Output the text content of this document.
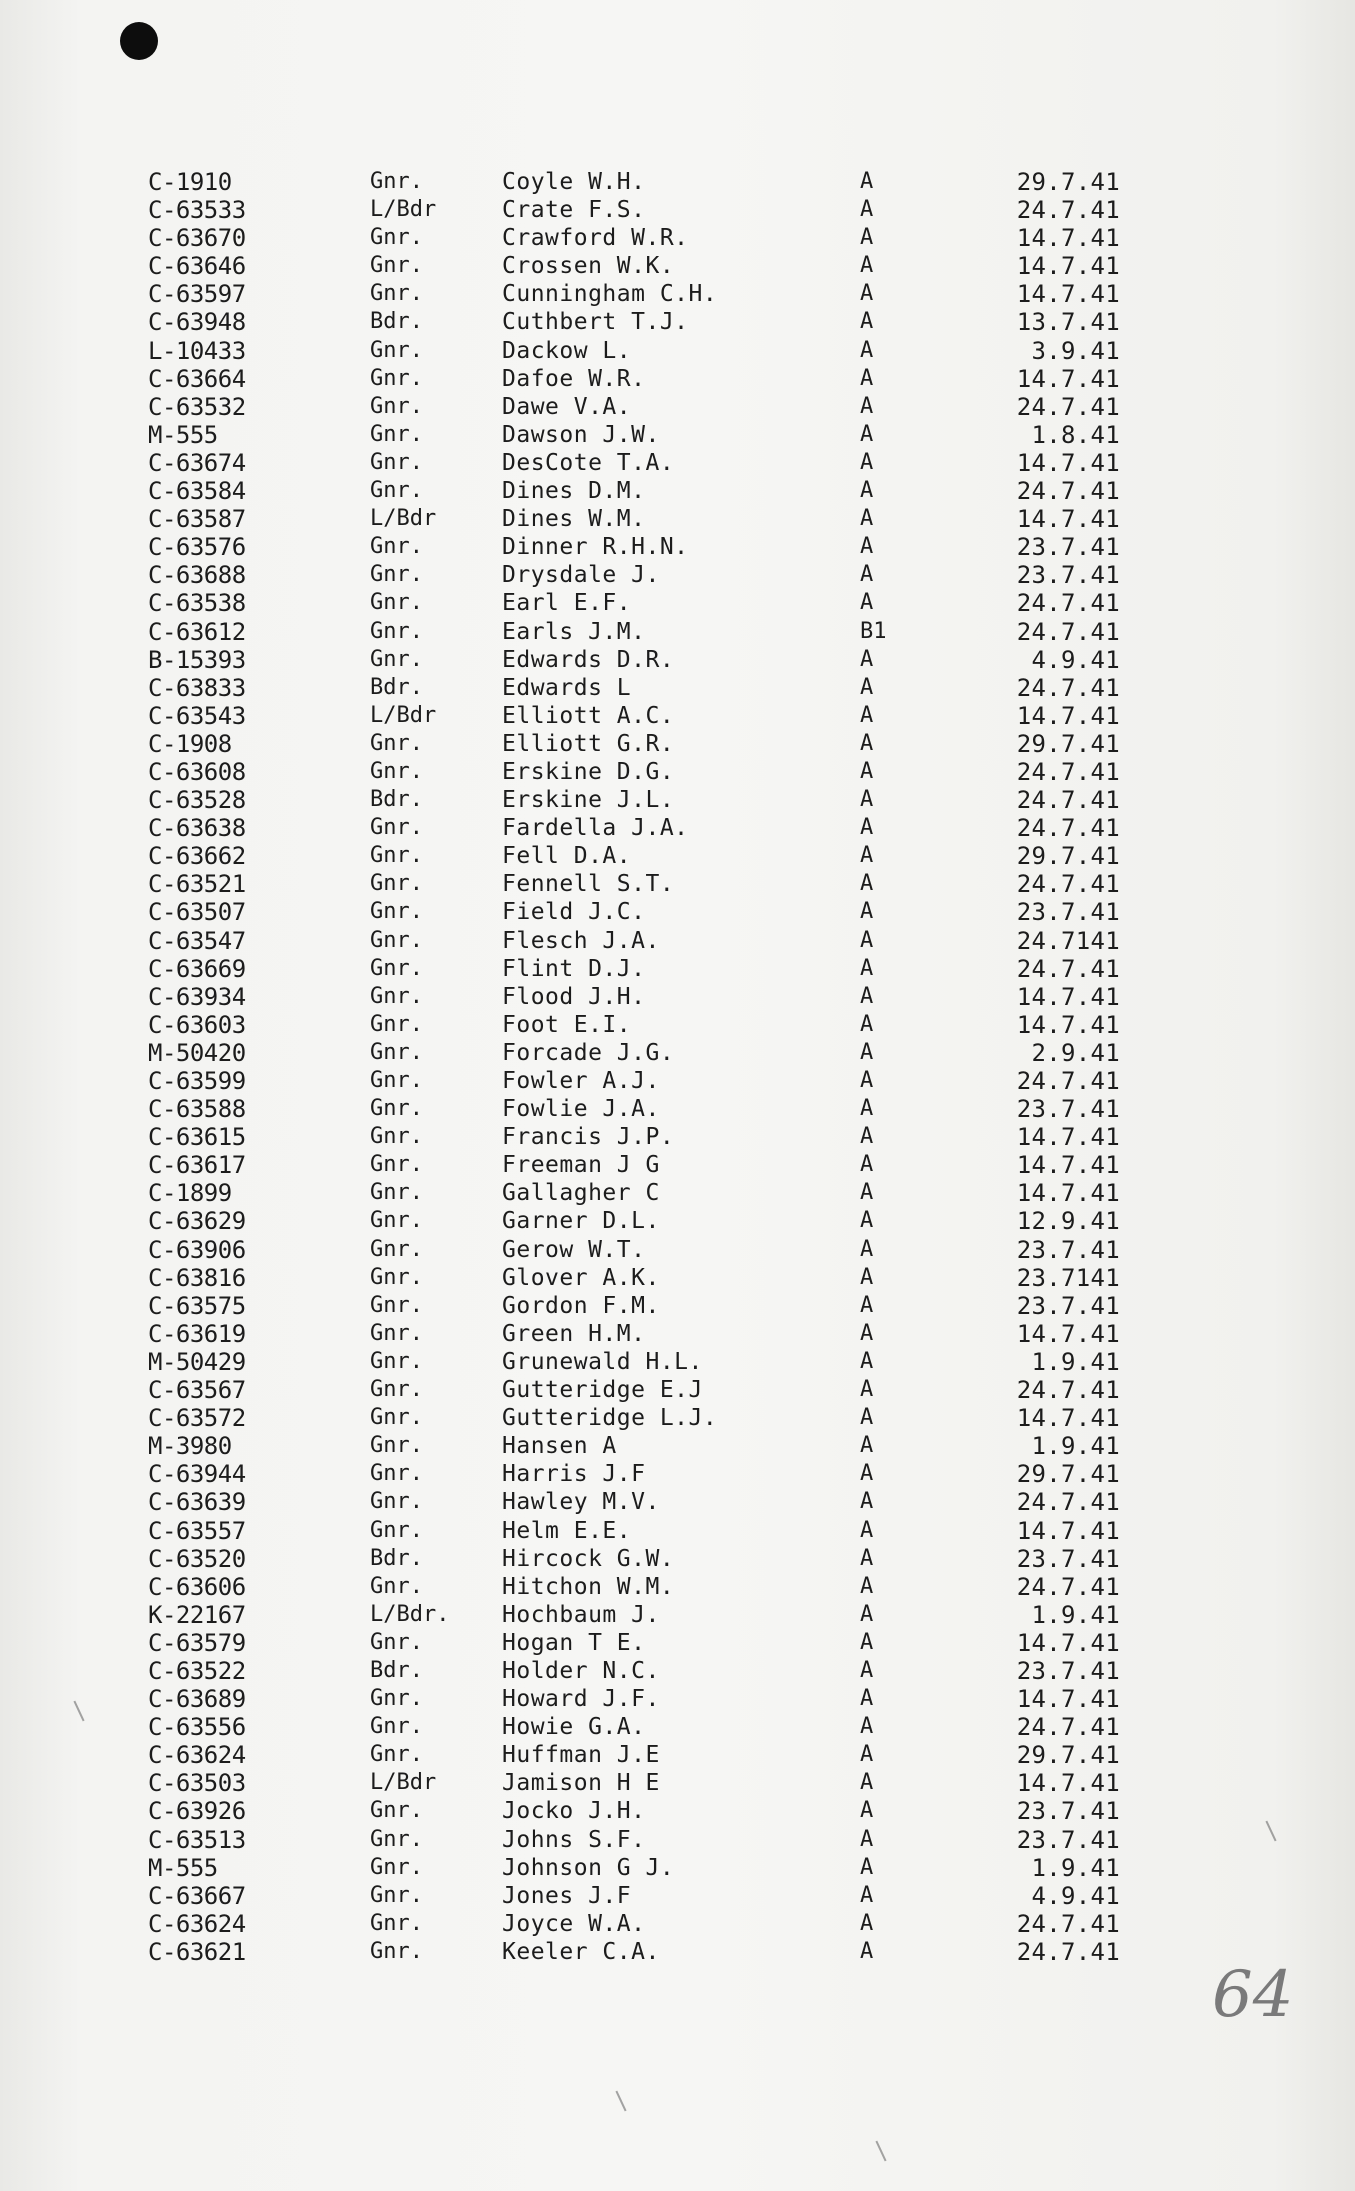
C-1910	Gnr.	Coyle W.H.	A	29.7.41
C-63533	L/Bdr	Crate F.S.	A	24.7.41
C-63670	Gnr.	Crawford W.R.	A	14.7.41
C-63646	Gnr.	Crossen W.K.	A	14.7.41
C-63597	Gnr.	Cunningham C.H.	A	14.7.41
C-63948	Bdr.	Cuthbert T.J.	A	13.7.41
L-10433	Gnr.	Dackow L.	A	3.9.41
C-63664	Gnr.	Dafoe W.R.	A	14.7.41
C-63532	Gnr.	Dawe V.A.	A	24.7.41
M-555	Gnr.	Dawson J.W.	A	1.8.41
C-63674	Gnr.	DesCote T.A.	A	14.7.41
C-63584	Gnr.	Dines D.M.	A	24.7.41
C-63587	L/Bdr	Dines W.M.	A	14.7.41
C-63576	Gnr.	Dinner R.H.N.	A	23.7.41
C-63688	Gnr.	Drysdale J.	A	23.7.41
C-63538	Gnr.	Earl E.F.	A	24.7.41
C-63612	Gnr.	Earls J.M.	B1	24.7.41
B-15393	Gnr.	Edwards D.R.	A	4.9.41
C-63833	Bdr.	Edwards L	A	24.7.41
C-63543	L/Bdr	Elliott A.C.	A	14.7.41
C-1908	Gnr.	Elliott G.R.	A	29.7.41
C-63608	Gnr.	Erskine D.G.	A	24.7.41
C-63528	Bdr.	Erskine J.L.	A	24.7.41
C-63638	Gnr.	Fardella J.A.	A	24.7.41
C-63662	Gnr.	Fell D.A.	A	29.7.41
C-63521	Gnr.	Fennell S.T.	A	24.7.41
C-63507	Gnr.	Field J.C.	A	23.7.41
C-63547	Gnr.	Flesch J.A.	A	24.7141
C-63669	Gnr.	Flint D.J.	A	24.7.41
C-63934	Gnr.	Flood J.H.	A	14.7.41
C-63603	Gnr.	Foot E.I.	A	14.7.41
M-50420	Gnr.	Forcade J.G.	A	2.9.41
C-63599	Gnr.	Fowler A.J.	A	24.7.41
C-63588	Gnr.	Fowlie J.A.	A	23.7.41
C-63615	Gnr.	Francis J.P.	A	14.7.41
C-63617	Gnr.	Freeman J G	A	14.7.41
C-1899	Gnr.	Gallagher C	A	14.7.41
C-63629	Gnr.	Garner D.L.	A	12.9.41
C-63906	Gnr.	Gerow W.T.	A	23.7.41
C-63816	Gnr.	Glover A.K.	A	23.7141
C-63575	Gnr.	Gordon F.M.	A	23.7.41
C-63619	Gnr.	Green H.M.	A	14.7.41
M-50429	Gnr.	Grunewald H.L.	A	1.9.41
C-63567	Gnr.	Gutteridge E.J	A	24.7.41
C-63572	Gnr.	Gutteridge L.J.	A	14.7.41
M-3980	Gnr.	Hansen A	A	1.9.41
C-63944	Gnr.	Harris J.F	A	29.7.41
C-63639	Gnr.	Hawley M.V.	A	24.7.41
C-63557	Gnr.	Helm E.E.	A	14.7.41
C-63520	Bdr.	Hircock G.W.	A	23.7.41
C-63606	Gnr.	Hitchon W.M.	A	24.7.41
K-22167	L/Bdr. Hochbaum J.	A	1.9.41
C-63579	Gnr.	Hogan T E.	A	14.7.41
C-63522	Bdr.	Holder N.C.	A	23.7.41
C-63689	Gnr.	Howard J.F.	A	14.7.41
C-63556	Gnr.	Howie G.A.	A	24.7.41
C-63624	Gnr.	Huffman J.E	A	29.7.41
C-63503	L/Bdr	Jamison H E	A	14.7.41
C-63926	Gnr.	Jocko J.H.	A	23.7.41
C-63513	Gnr.	Johns S.F.	A	23.7.41
M-555	Gnr.	Johnson G J.	A	1.9.41
C-63667	Gnr.	Jones J.F	A	4.9.41
C-63624	Gnr.	Joyce W.A.	A	24.7.41
C-63621	Gnr.	Keeler C.A.	A	24.7.41
64
